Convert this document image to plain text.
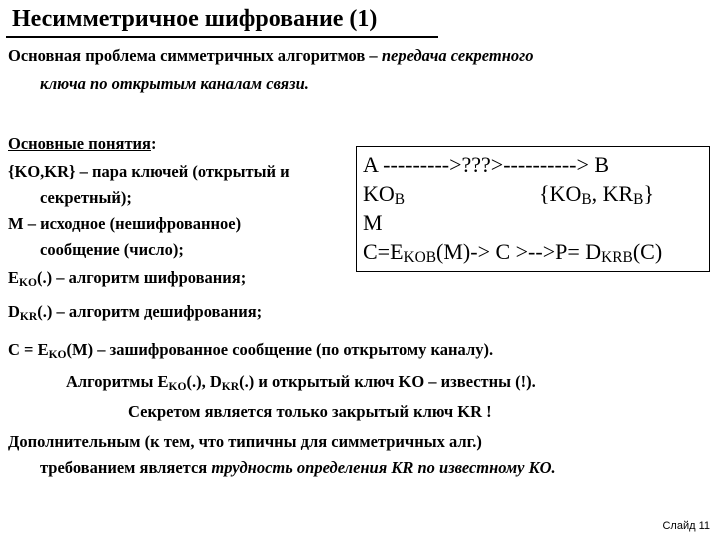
Несимметричное шифрование (1)
Основная проблема симметричных алгоритмов – передача секретного
ключа по открытым каналам связи.
Основные понятия:
{KO,KR} – пара ключей (открытый и
секретный);
M – исходное (нешифрованное)
сообщение (число);
$E_{KO}(.)$ – алгоритм шифрования;
$D_{KR}(.)$ – алгоритм дешифрования;
A --------->???>----------> B
$KO_B$	{$KO_B$, $KR_B$}
M
$C=E_{KOB}(M)-> C >-->P= D_{KRB}(C)$
$C = E_{KO}(M)$ – зашифрованное сообщение (по открытому каналу).
Алгоритмы $E_{KO}(.)$, $D_{KR}(.)$ и открытый ключ KO – известны (!).
Секретом является только закрытый ключ KR !
Дополнительным (к тем, что типичны для симметричных алг.)
требованием является трудность определения KR по известному KO.
Слайд 11
